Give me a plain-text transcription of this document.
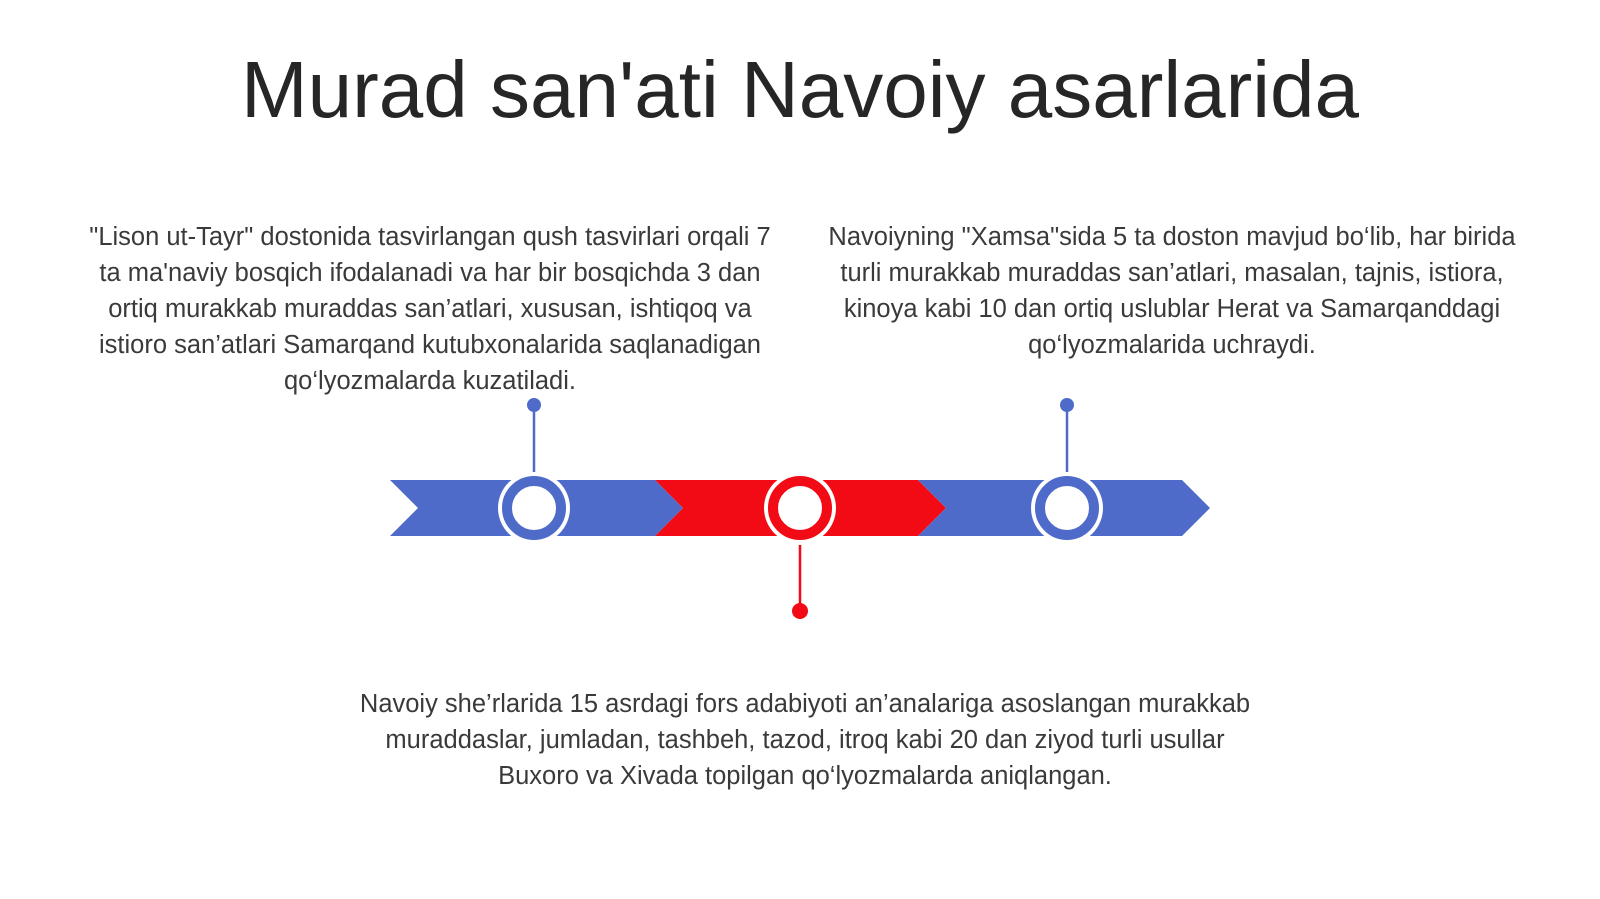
Murad san'ati Navoiy asarlarida
"Lison ut-Tayr" dostonida tasvirlangan qush tasvirlari orqali 7 ta ma'naviy bosqich ifodalanadi va har bir bosqichda 3 dan ortiq murakkab muraddas san’atlari, xususan, ishtiqoq va istioro san’atlari Samarqand kutubxonalarida saqlanadigan qo‘lyozmalarda kuzatiladi.
Navoiyning "Xamsa"sida 5 ta doston mavjud bo‘lib, har birida turli murakkab muraddas san’atlari, masalan, tajnis, istiora, kinoya kabi 10 dan ortiq uslublar Herat va Samarqanddagi qo‘lyozmalarida uchraydi.
Navoiy she’rlarida 15 asrdagi fors adabiyoti an’analariga asoslangan murakkab muraddaslar, jumladan, tashbeh, tazod, itroq kabi 20 dan ziyod turli usullar Buxoro va Xivada topilgan qo‘lyozmalarda aniqlangan.
